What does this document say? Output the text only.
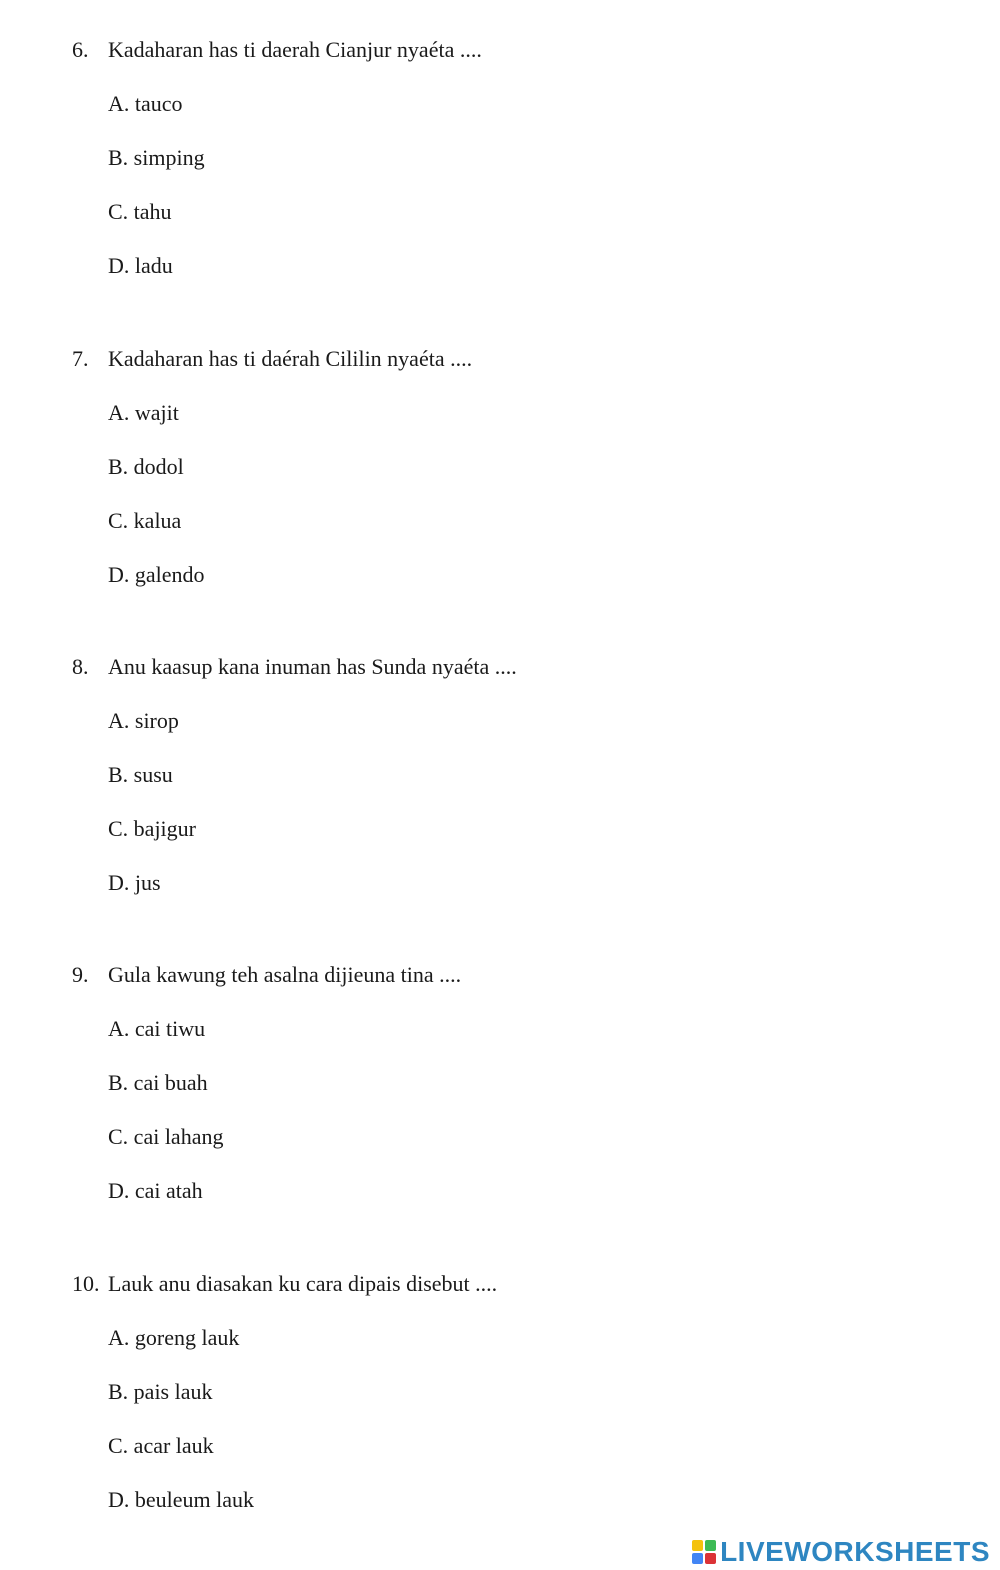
6. Kadaharan has ti daerah Cianjur nyaéta ....
A. tauco
B. simping
C. tahu
D. ladu
7. Kadaharan has ti daérah Cililin nyaéta ....
A. wajit
B. dodol
C. kalua
D. galendo
8. Anu kaasup kana inuman has Sunda nyaéta ....
A. sirop
B. susu
C. bajigur
D. jus
9. Gula kawung teh asalna dijieuna tina ....
A. cai tiwu
B. cai buah
C. cai lahang
D. cai atah
10. Lauk anu diasakan ku cara dipais disebut ....
A. goreng lauk
B. pais lauk
C. acar lauk
D. beuleum lauk
LIVEWORKSHEETS
